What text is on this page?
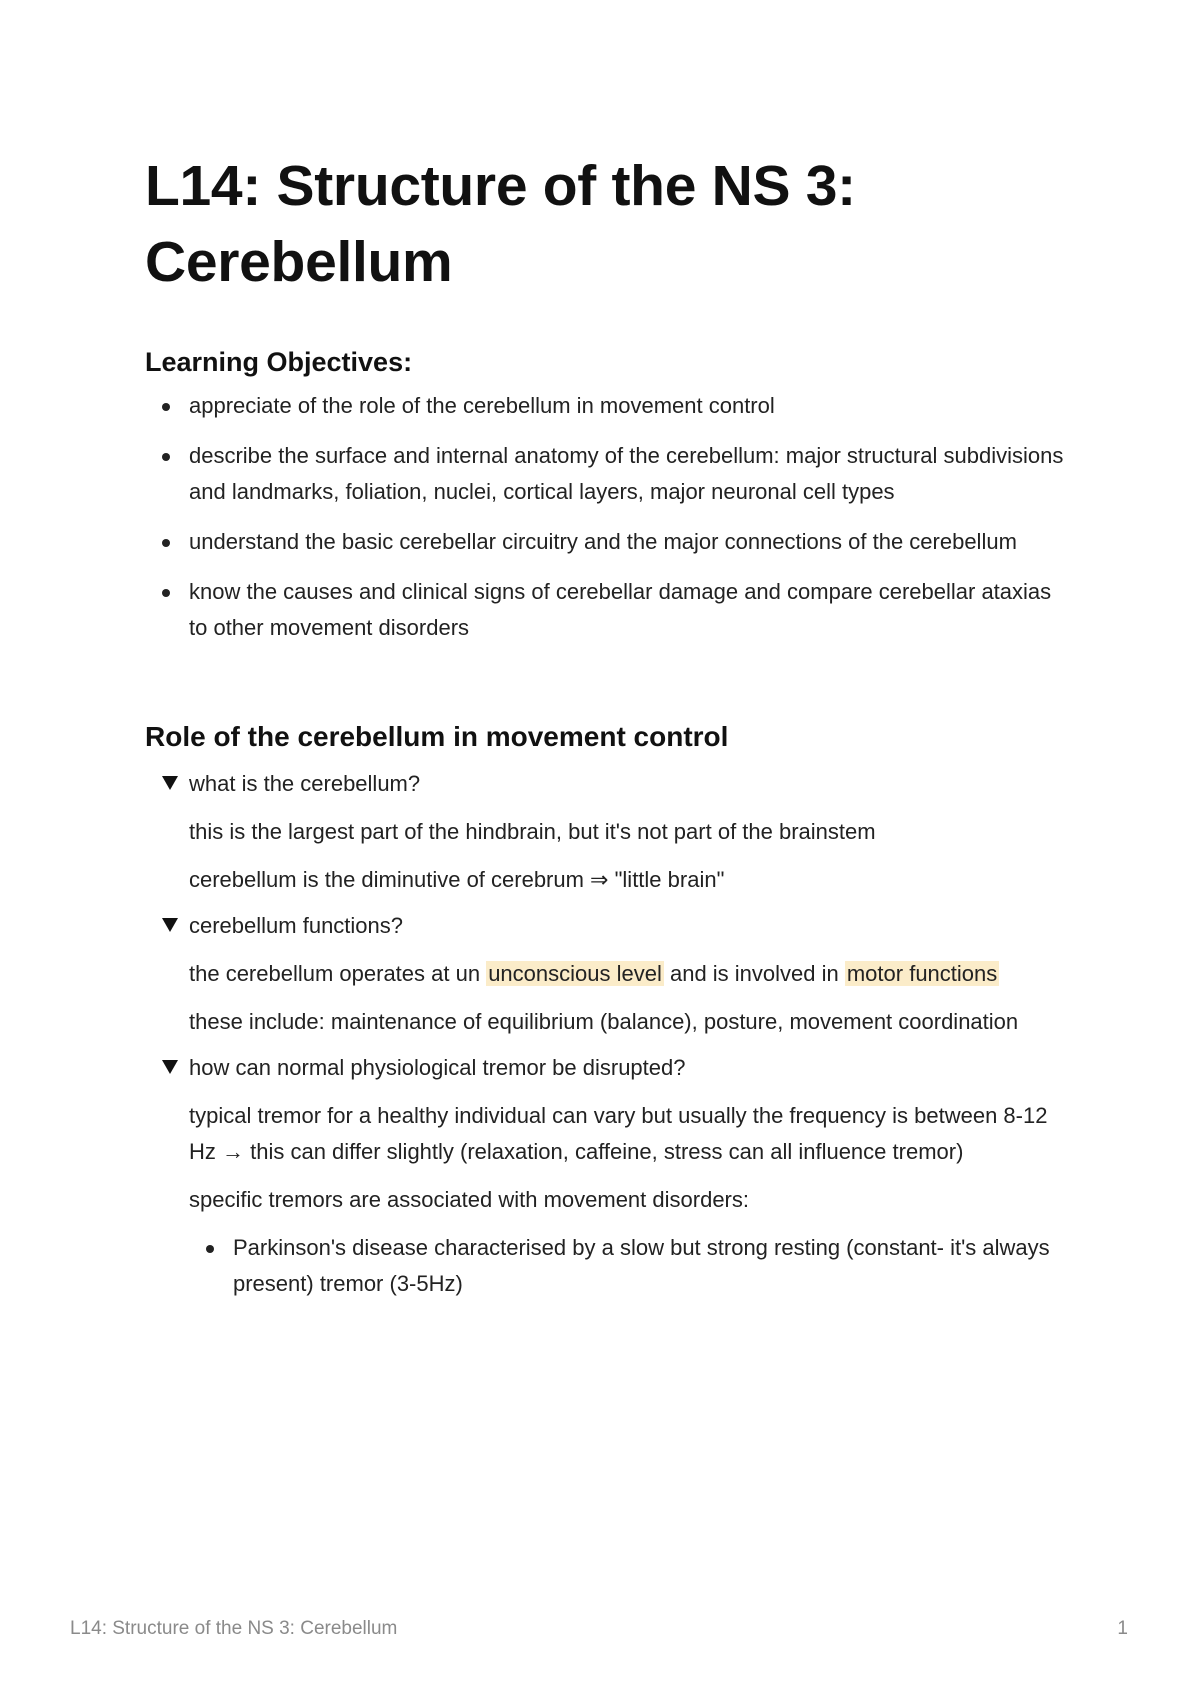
L14: Structure of the NS 3:
Cerebellum
Learning Objectives:
appreciate of the role of the cerebellum in movement control
describe the surface and internal anatomy of the cerebellum: major structural subdivisions and landmarks, foliation, nuclei, cortical layers, major neuronal cell types
understand the basic cerebellar circuitry and the major connections of the cerebellum
know the causes and clinical signs of cerebellar damage and compare cerebellar ataxias to other movement disorders
Role of the cerebellum in movement control
what is the cerebellum?

this is the largest part of the hindbrain, but it's not part of the brainstem

cerebellum is the diminutive of cerebrum ⇒ "little brain"

cerebellum functions?

the cerebellum operates at un unconscious level and is involved in motor functions

these include: maintenance of equilibrium (balance), posture, movement coordination

how can normal physiological tremor be disrupted?

typical tremor for a healthy individual can vary but usually the frequency is between 8-12 Hz → this can differ slightly (relaxation, caffeine, stress can all influence tremor)

specific tremors are associated with movement disorders:

Parkinson's disease characterised by a slow but strong resting (constant- it's always present) tremor (3-5Hz)
L14: Structure of the NS 3: Cerebellum	1
